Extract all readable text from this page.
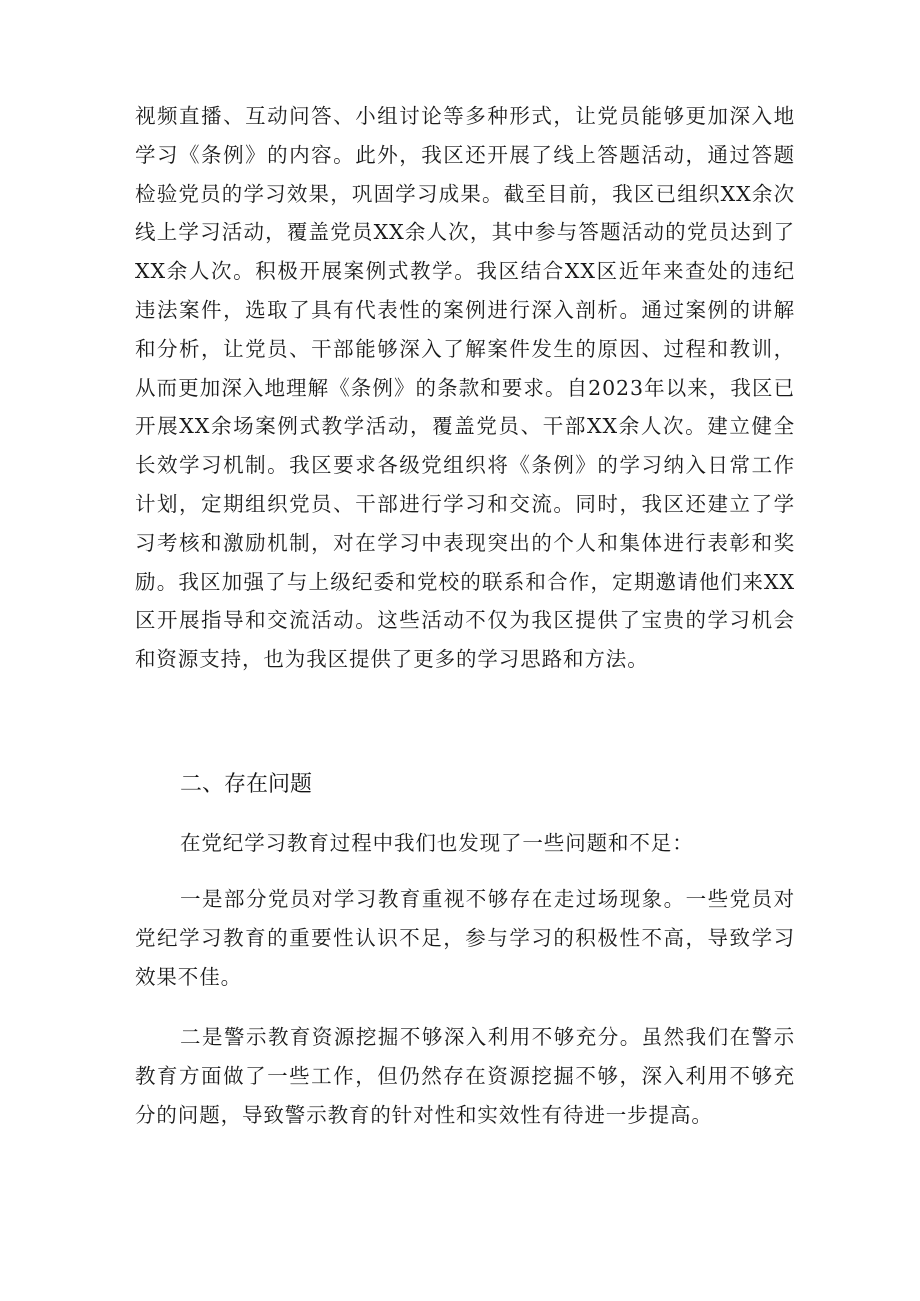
视频直播、互动问答、小组讨论等多种形式，让党员能够更加深入地学习《条例》的内容。此外，我区还开展了线上答题活动，通过答题检验党员的学习效果，巩固学习成果。截至目前，我区已组织XX余次线上学习活动，覆盖党员XX余人次，其中参与答题活动的党员达到了XX余人次。积极开展案例式教学。我区结合XX区近年来查处的违纪违法案件，选取了具有代表性的案例进行深入剖析。通过案例的讲解和分析，让党员、干部能够深入了解案件发生的原因、过程和教训，从而更加深入地理解《条例》的条款和要求。自2023年以来，我区已开展XX余场案例式教学活动，覆盖党员、干部XX余人次。建立健全长效学习机制。我区要求各级党组织将《条例》的学习纳入日常工作计划，定期组织党员、干部进行学习和交流。同时，我区还建立了学习考核和激励机制，对在学习中表现突出的个人和集体进行表彰和奖励。我区加强了与上级纪委和党校的联系和合作，定期邀请他们来XX区开展指导和交流活动。这些活动不仅为我区提供了宝贵的学习机会和资源支持，也为我区提供了更多的学习思路和方法。

二、存在问题

在党纪学习教育过程中我们也发现了一些问题和不足：

一是部分党员对学习教育重视不够存在走过场现象。一些党员对党纪学习教育的重要性认识不足，参与学习的积极性不高，导致学习效果不佳。

二是警示教育资源挖掘不够深入利用不够充分。虽然我们在警示教育方面做了一些工作，但仍然存在资源挖掘不够，深入利用不够充分的问题，导致警示教育的针对性和实效性有待进一步提高。
